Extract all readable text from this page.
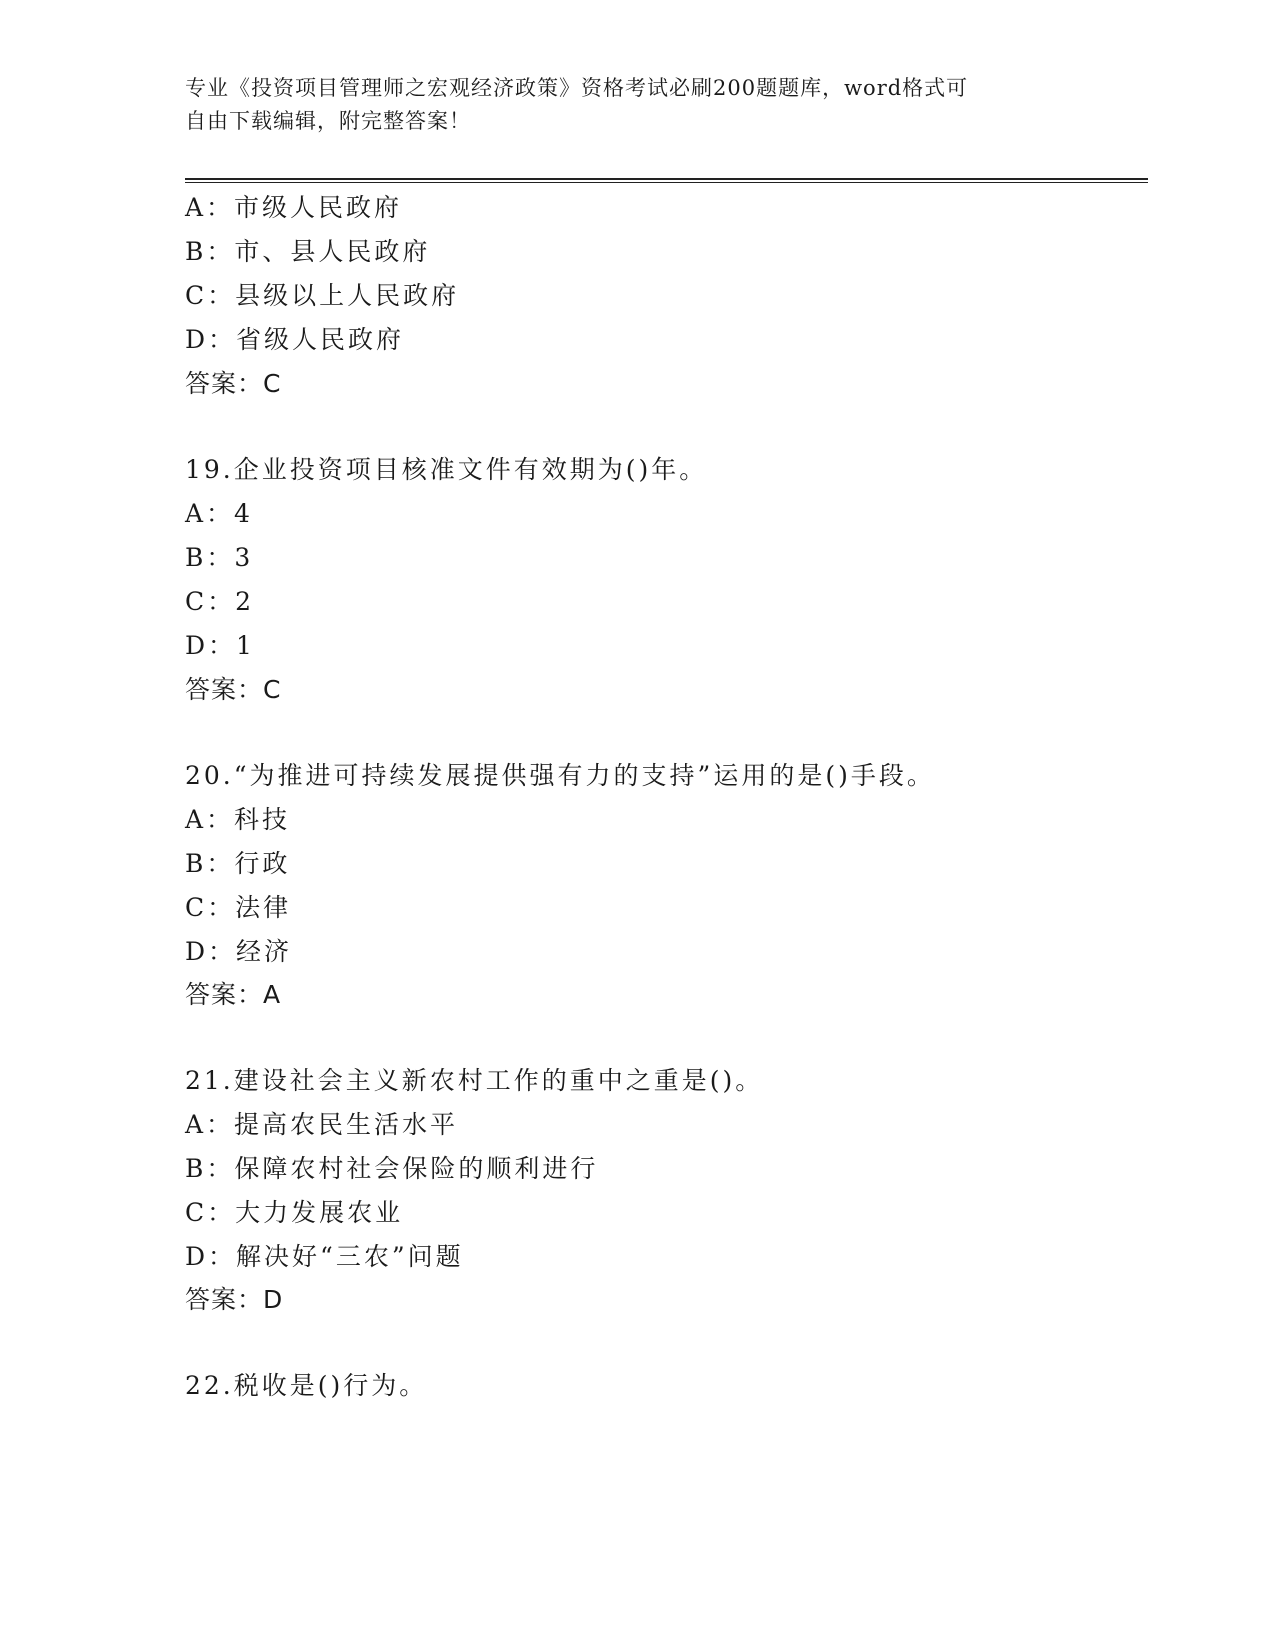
专业《投资项目管理师之宏观经济政策》资格考试必刷200题题库，word格式可
自由下载编辑，附完整答案！
A：市级人民政府
B：市、县人民政府
C：县级以上人民政府
D：省级人民政府
答案：C
19.企业投资项目核准文件有效期为()年。
A：4
B：3
C：2
D：1
答案：C
20.“为推进可持续发展提供强有力的支持”运用的是()手段。
A：科技
B：行政
C：法律
D：经济
答案：A
21.建设社会主义新农村工作的重中之重是()。
A：提高农民生活水平
B：保障农村社会保险的顺利进行
C：大力发展农业
D：解决好“三农”问题
答案：D
22.税收是()行为。
